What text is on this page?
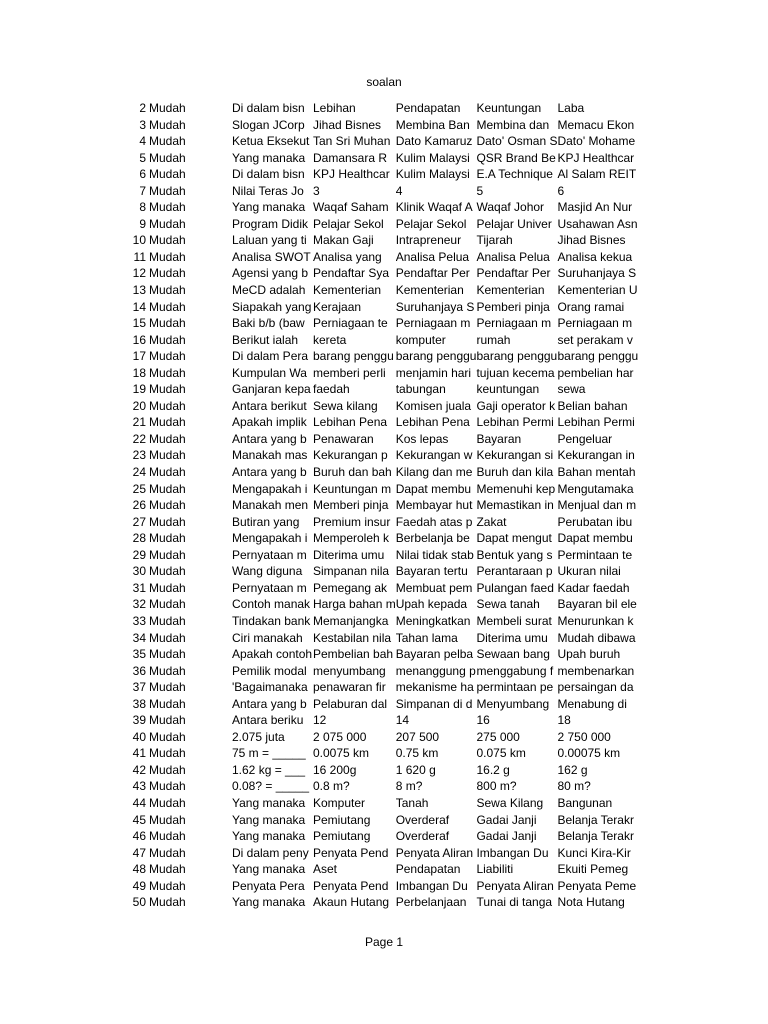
soalan
2	Mudah	Di dalam bisn	Lebihan	Pendapatan	Keuntungan	Laba
3	Mudah	Slogan JCorp	Jihad Bisnes	Membina Ban	Membina dan	Memacu Ekon
4	Mudah	Ketua Eksekut	Tan Sri Muhan	Dato Kamaruz	Dato' Osman S	Dato' Mohame
5	Mudah	Yang manaka	Damansara R	Kulim Malaysi	QSR Brand Be	KPJ Healthcar
6	Mudah	Di dalam bisn	KPJ Healthcar	Kulim Malaysi	E.A Technique	Al Salam REIT
7	Mudah	Nilai Teras Jo	3	4	5	6
8	Mudah	Yang manaka	Waqaf Saham	Klinik Waqaf A	Waqaf Johor	Masjid An Nur
9	Mudah	Program Didik	Pelajar Sekol	Pelajar Sekol	Pelajar Univer	Usahawan Asn
10	Mudah	Laluan yang ti	Makan Gaji	Intrapreneur	Tijarah	Jihad Bisnes
11	Mudah	Analisa SWOT	Analisa yang	Analisa Pelua	Analisa Pelua	Analisa kekua
12	Mudah	Agensi yang b	Pendaftar Sya	Pendaftar Per	Pendaftar Per	Suruhanjaya S
13	Mudah	MeCD adalah	Kementerian	Kementerian	Kementerian	Kementerian U
14	Mudah	Siapakah yang	Kerajaan	Suruhanjaya S	Pemberi pinja	Orang ramai
15	Mudah	Baki b/b (baw	Perniagaan te	Perniagaan m	Perniagaan m	Perniagaan m
16	Mudah	Berikut ialah	kereta	komputer	rumah	set perakam v
17	Mudah	Di dalam Pera	barang penggu	barang penggu	barang penggu	barang penggu
18	Mudah	Kumpulan Wa	memberi perli	menjamin hari	tujuan kecema	pembelian har
19	Mudah	Ganjaran kepa	faedah	tabungan	keuntungan	sewa
20	Mudah	Antara berikut	Sewa kilang	Komisen juala	Gaji operator k	Belian bahan
21	Mudah	Apakah implik	Lebihan Pena	Lebihan Pena	Lebihan Permi	Lebihan Permi
22	Mudah	Antara yang b	Penawaran	Kos lepas	Bayaran	Pengeluar
23	Mudah	Manakah mas	Kekurangan p	Kekurangan w	Kekurangan si	Kekurangan in
24	Mudah	Antara yang b	Buruh dan bah	Kilang dan me	Buruh dan kila	Bahan mentah
25	Mudah	Mengapakah i	Keuntungan m	Dapat membu	Memenuhi kep	Mengutamaka
26	Mudah	Manakah men	Memberi pinja	Membayar hut	Memastikan in	Menjual dan m
27	Mudah	Butiran yang	Premium insur	Faedah atas p	Zakat	Perubatan ibu
28	Mudah	Mengapakah i	Memperoleh k	Berbelanja be	Dapat mengut	Dapat membu
29	Mudah	Pernyataan m	Diterima umu	Nilai tidak stab	Bentuk yang s	Permintaan te
30	Mudah	Wang diguna	Simpanan nila	Bayaran tertu	Perantaraan p	Ukuran nilai
31	Mudah	Pernyataan m	Pemegang ak	Membuat pem	Pulangan faed	Kadar faedah
32	Mudah	Contoh manak	Harga bahan m	Upah kepada	Sewa tanah	Bayaran bil ele
33	Mudah	Tindakan bank	Memanjangka	Meningkatkan	Membeli surat	Menurunkan k
34	Mudah	Ciri manakah	Kestabilan nila	Tahan lama	Diterima umu	Mudah dibawa
35	Mudah	Apakah contoh	Pembelian bah	Bayaran pelba	Sewaan bang	Upah buruh
36	Mudah	Pemilik modal	menyumbang	menanggung p	menggabung f	membenarkan
37	Mudah	'Bagaimanaka	penawaran fir	mekanisme ha	permintaan pe	persaingan da
38	Mudah	Antara yang b	Pelaburan dal	Simpanan di d	Menyumbang	Menabung di
39	Mudah	Antara beriku	12	14	16	18
40	Mudah	2.075 juta	2 075 000	207 500	275 000	2 750 000
41	Mudah	75 m = _____	0.0075 km	0.75 km	0.075 km	0.00075 km
42	Mudah	1.62 kg = ___	16 200g	1 620 g	16.2 g	162 g
43	Mudah	0.08? = _____	0.8 m?	8 m?	800 m?	80 m?
44	Mudah	Yang manaka	Komputer	Tanah	Sewa Kilang	Bangunan
45	Mudah	Yang manaka	Pemiutang	Overderaf	Gadai Janji	Belanja Terakr
46	Mudah	Yang manaka	Pemiutang	Overderaf	Gadai Janji	Belanja Terakr
47	Mudah	Di dalam peny	Penyata Pend	Penyata Aliran	Imbangan Du	Kunci Kira-Kir
48	Mudah	Yang manaka	Aset	Pendapatan	Liabiliti	Ekuiti Pemeg
49	Mudah	Penyata Pera	Penyata Pend	Imbangan Du	Penyata Aliran	Penyata Peme
50	Mudah	Yang manaka	Akaun Hutang	Perbelanjaan	Tunai di tanga	Nota Hutang
Page 1
